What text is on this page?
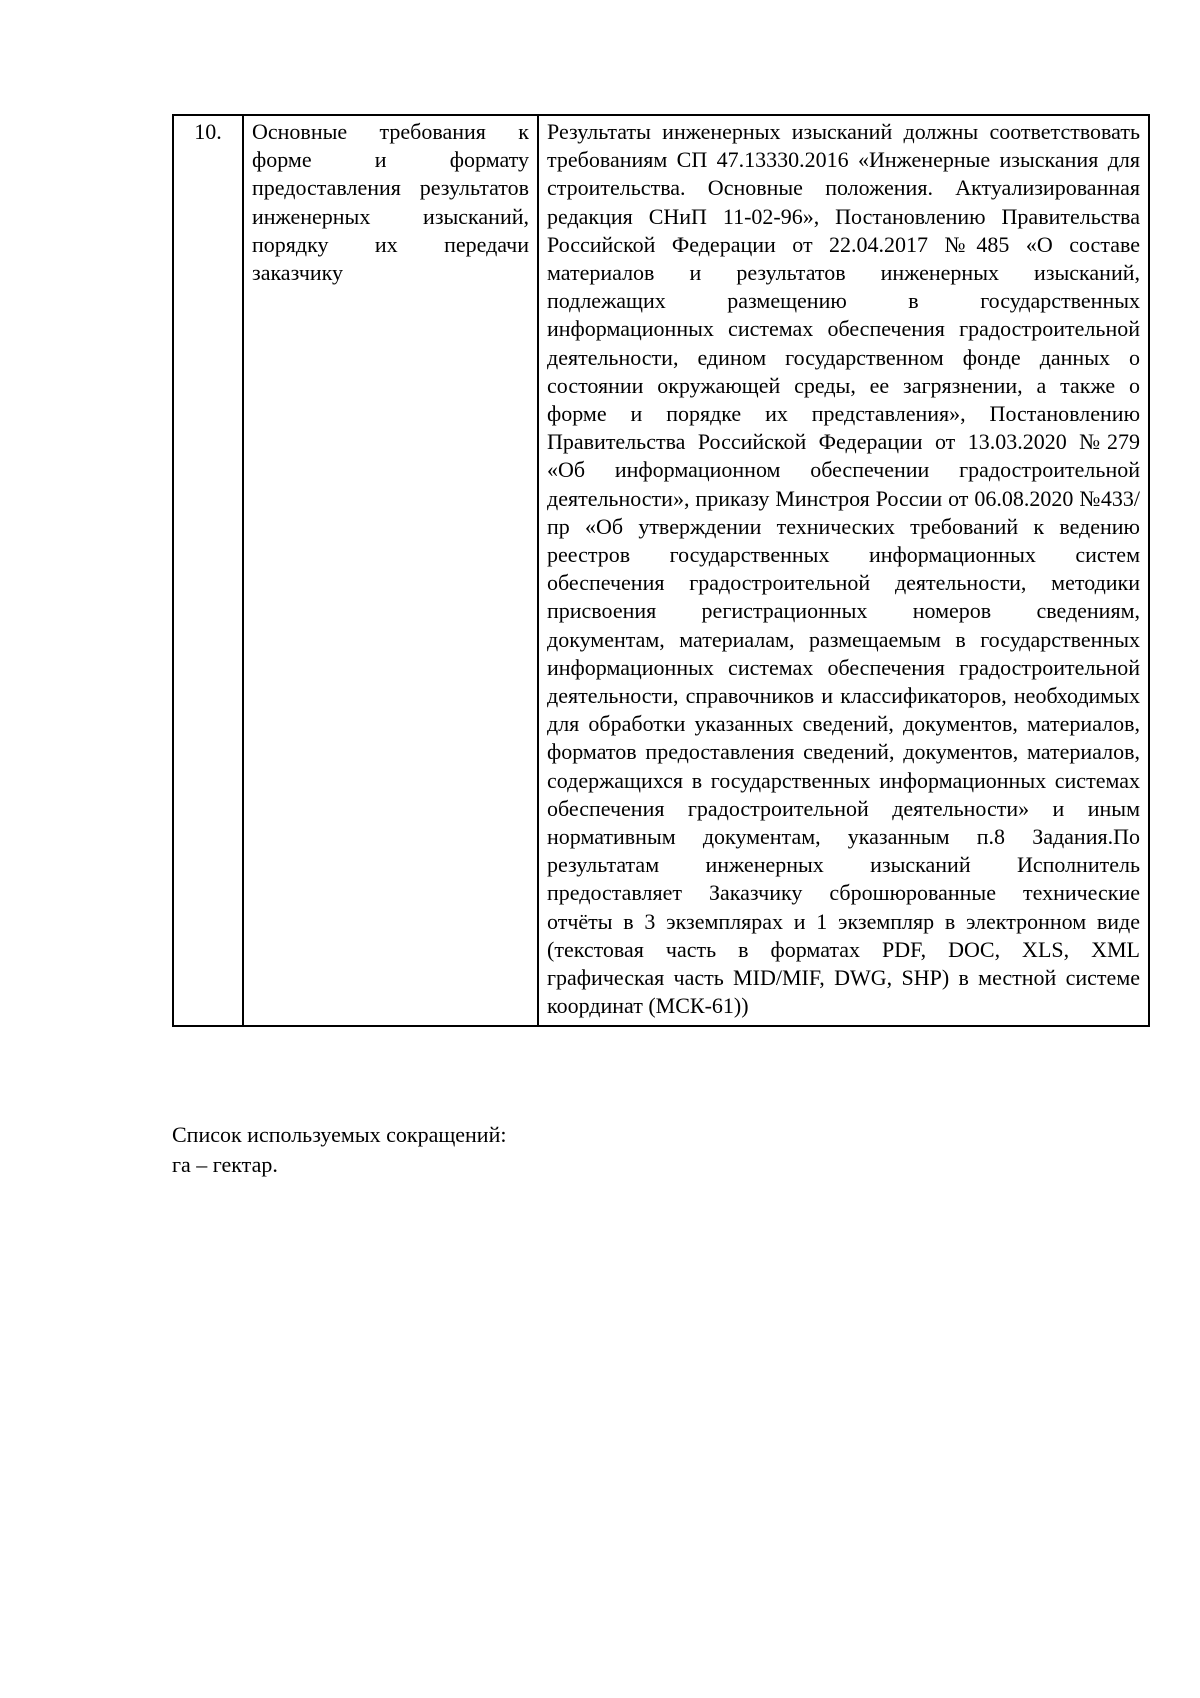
10.	Основные требования к форме и формату предоставления результатов инженерных изысканий, порядку их передачи заказчику	Результаты инженерных изысканий должны соответствовать требованиям СП 47.13330.2016 «Инженерные изыскания для строительства. Основные положения. Актуализированная редакция СНиП 11-02-96», Постановлению Правительства Российской Федерации от 22.04.2017 №485 «О составе материалов и результатов инженерных изысканий, подлежащих размещению в государственных информационных системах обеспечения градостроительной деятельности, едином государственном фонде данных о состоянии окружающей среды, ее загрязнении, а также о форме и порядке их представления», Постановлению Правительства Российской Федерации от 13.03.2020 №279 «Об информационном обеспечении градостроительной деятельности», приказу Минстроя России от 06.08.2020 №433/пр «Об утверждении технических требований к ведению реестров государственных информационных систем обеспечения градостроительной деятельности, методики присвоения регистрационных номеров сведениям, документам, материалам, размещаемым в государственных информационных системах обеспечения градостроительной деятельности, справочников и классификаторов, необходимых для обработки указанных сведений, документов, материалов, форматов предоставления сведений, документов, материалов, содержащихся в государственных информационных системах обеспечения градостроительной деятельности» и иным нормативным документам, указанным п.8 Задания.По результатам инженерных изысканий Исполнитель предоставляет Заказчику сброшюрованные технические отчёты в 3 экземплярах и 1 экземпляр в электронном виде (текстовая часть в форматах PDF, DOC, XLS, XML графическая часть MID/MIF, DWG, SHP) в местной системе координат (МСК-61))

Список используемых сокращений:

га – гектар.
